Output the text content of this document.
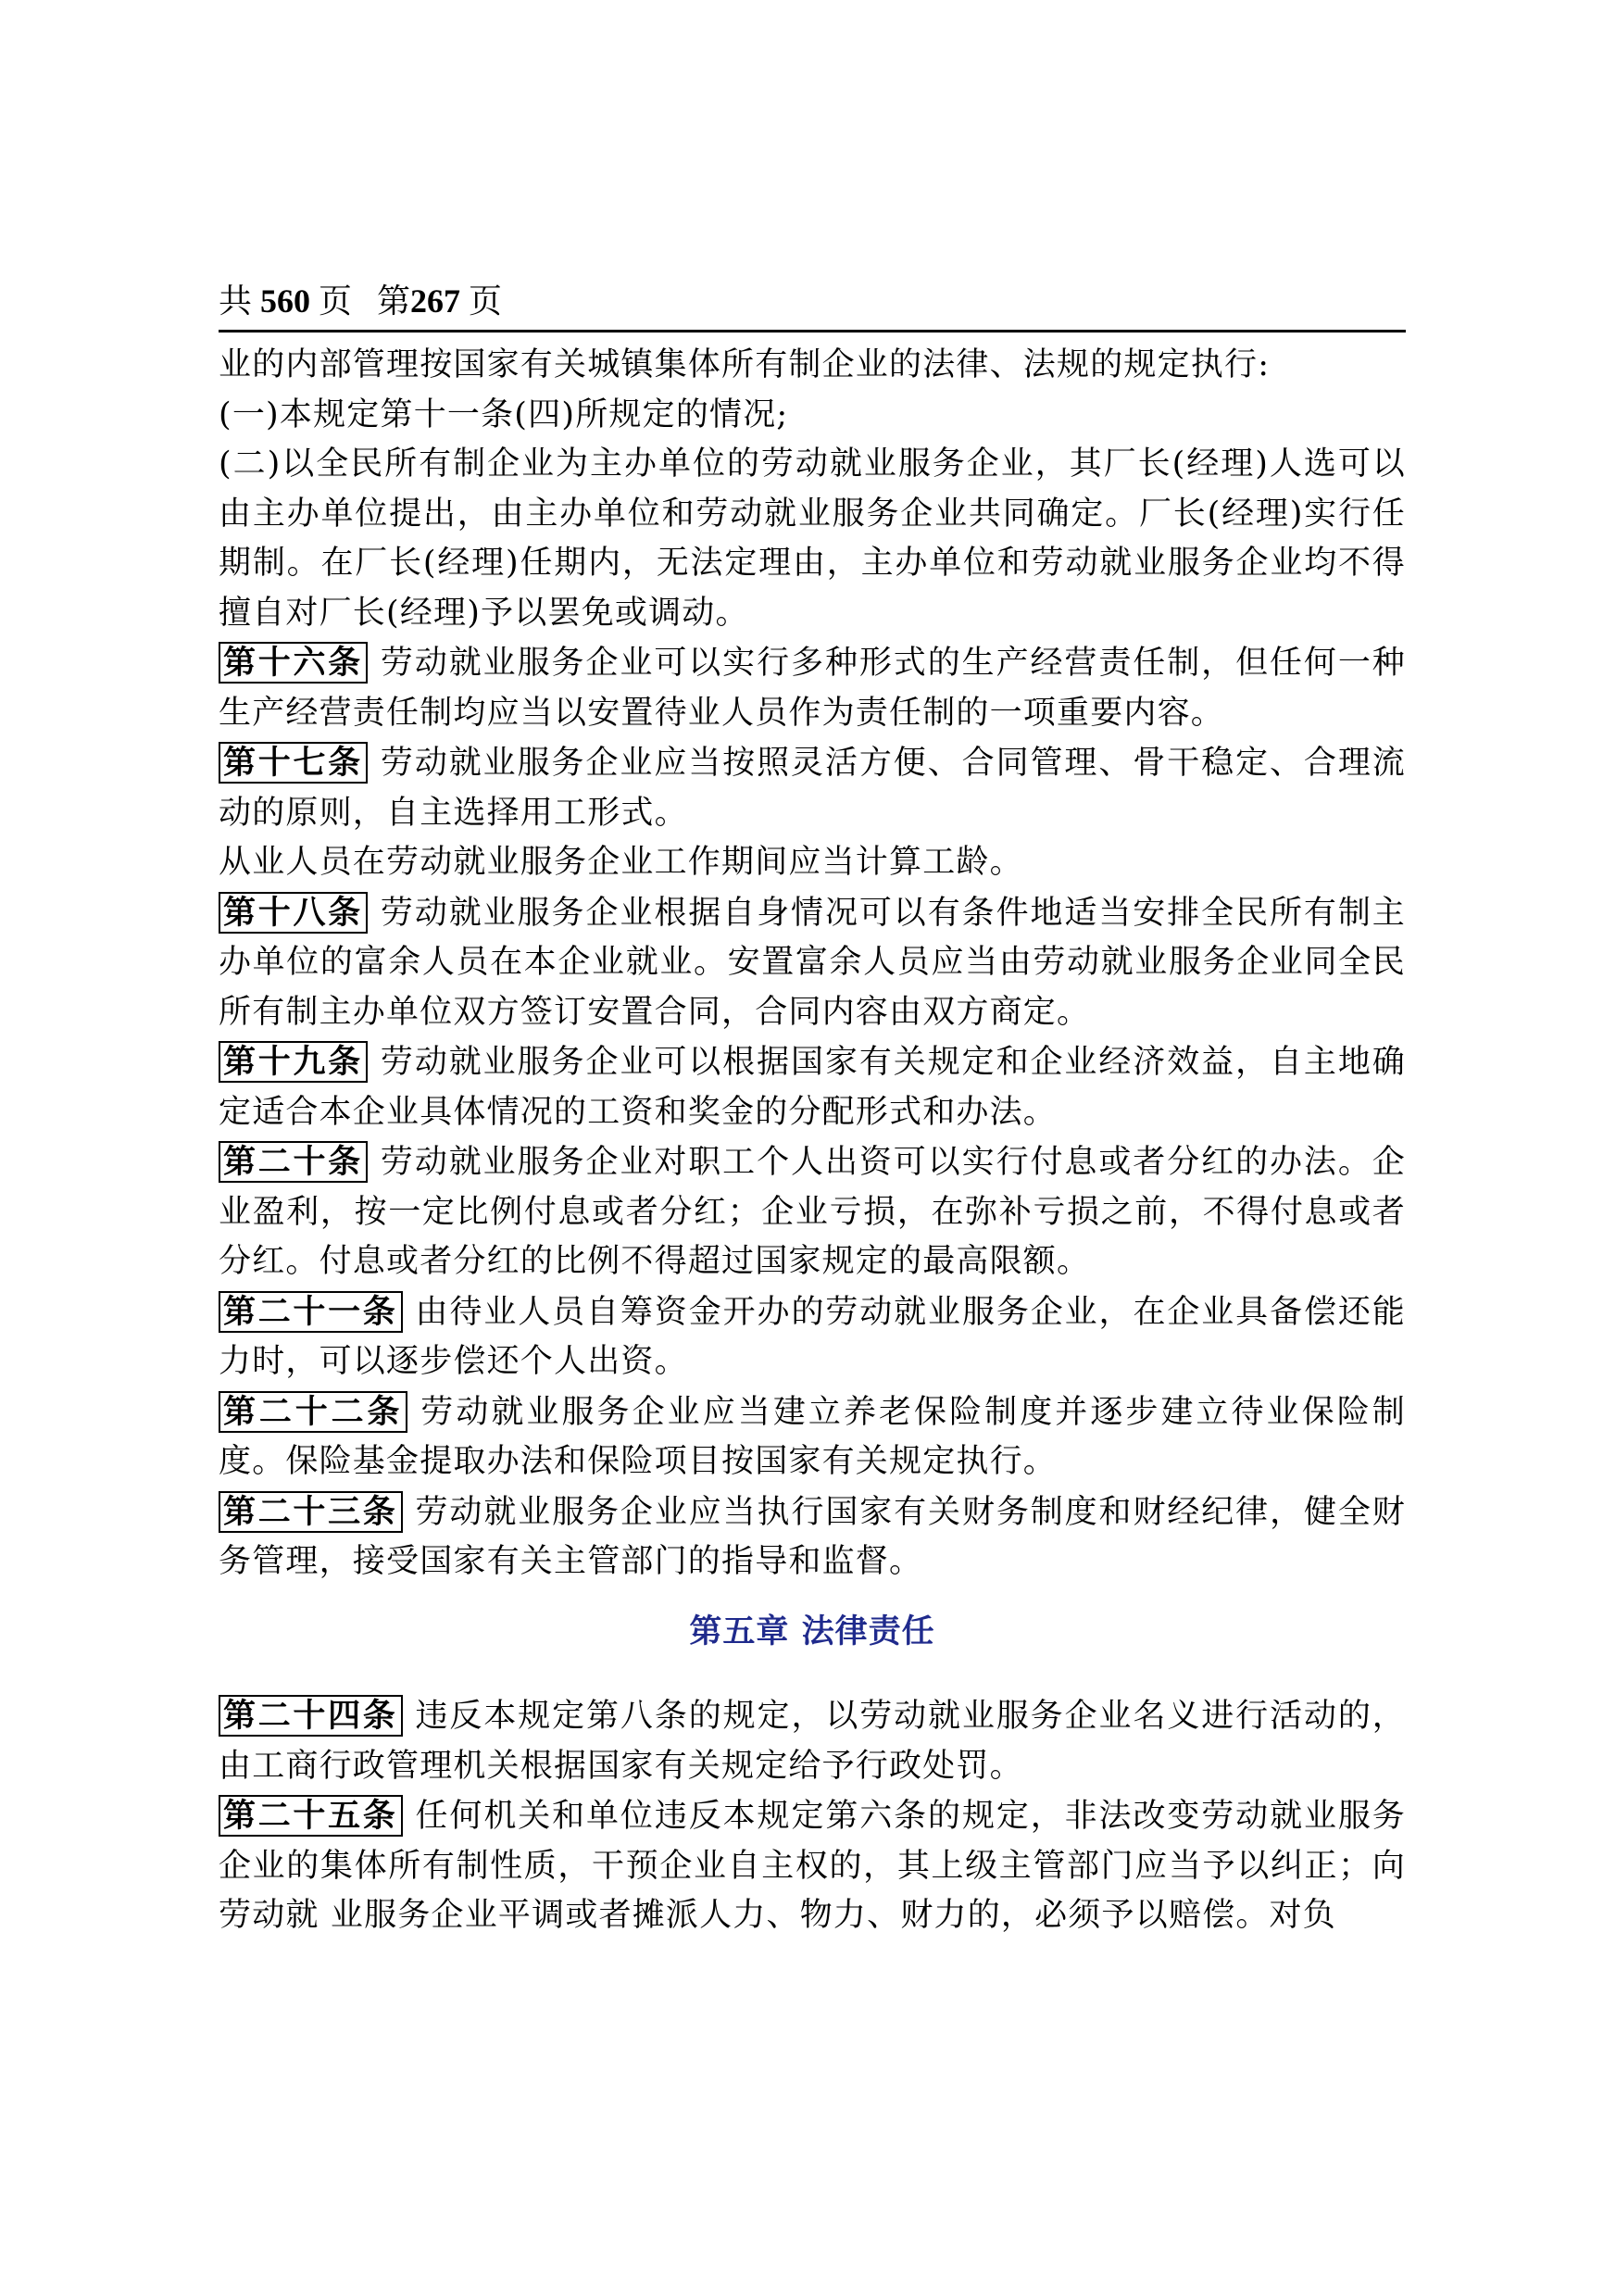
共 560 页 第267 页

业的内部管理按国家有关城镇集体所有制企业的法律、法规的规定执行:

(一)本规定第十一条(四)所规定的情况;

(二)以全民所有制企业为主办单位的劳动就业服务企业，其厂长(经理)人选可以由主办单位提出，由主办单位和劳动就业服务企业共同确定。厂长(经理)实行任期制。在厂长(经理)任期内，无法定理由，主办单位和劳动就业服务企业均不得擅自对厂长(经理)予以罢免或调动。

第十六条 劳动就业服务企业可以实行多种形式的生产经营责任制，但任何一种生产经营责任制均应当以安置待业人员作为责任制的一项重要内容。

第十七条 劳动就业服务企业应当按照灵活方便、合同管理、骨干稳定、合理流动的原则，自主选择用工形式。

从业人员在劳动就业服务企业工作期间应当计算工龄。

第十八条 劳动就业服务企业根据自身情况可以有条件地适当安排全民所有制主办单位的富余人员在本企业就业。安置富余人员应当由劳动就业服务企业同全民所有制主办单位双方签订安置合同，合同内容由双方商定。

第十九条 劳动就业服务企业可以根据国家有关规定和企业经济效益，自主地确定适合本企业具体情况的工资和奖金的分配形式和办法。

第二十条 劳动就业服务企业对职工个人出资可以实行付息或者分红的办法。企业盈利，按一定比例付息或者分红；企业亏损，在弥补亏损之前，不得付息或者分红。付息或者分红的比例不得超过国家规定的最高限额。

第二十一条 由待业人员自筹资金开办的劳动就业服务企业，在企业具备偿还能力时，可以逐步偿还个人出资。

第二十二条 劳动就业服务企业应当建立养老保险制度并逐步建立待业保险制度。保险基金提取办法和保险项目按国家有关规定执行。

第二十三条 劳动就业服务企业应当执行国家有关财务制度和财经纪律，健全财务管理，接受国家有关主管部门的指导和监督。

第五章 法律责任

第二十四条 违反本规定第八条的规定，以劳动就业服务企业名义进行活动的，由工商行政管理机关根据国家有关规定给予行政处罚。

第二十五条 任何机关和单位违反本规定第六条的规定，非法改变劳动就业服务企业的集体所有制性质，干预企业自主权的，其上级主管部门应当予以纠正；向劳动就 业服务企业平调或者摊派人力、物力、财力的，必须予以赔偿。对负
